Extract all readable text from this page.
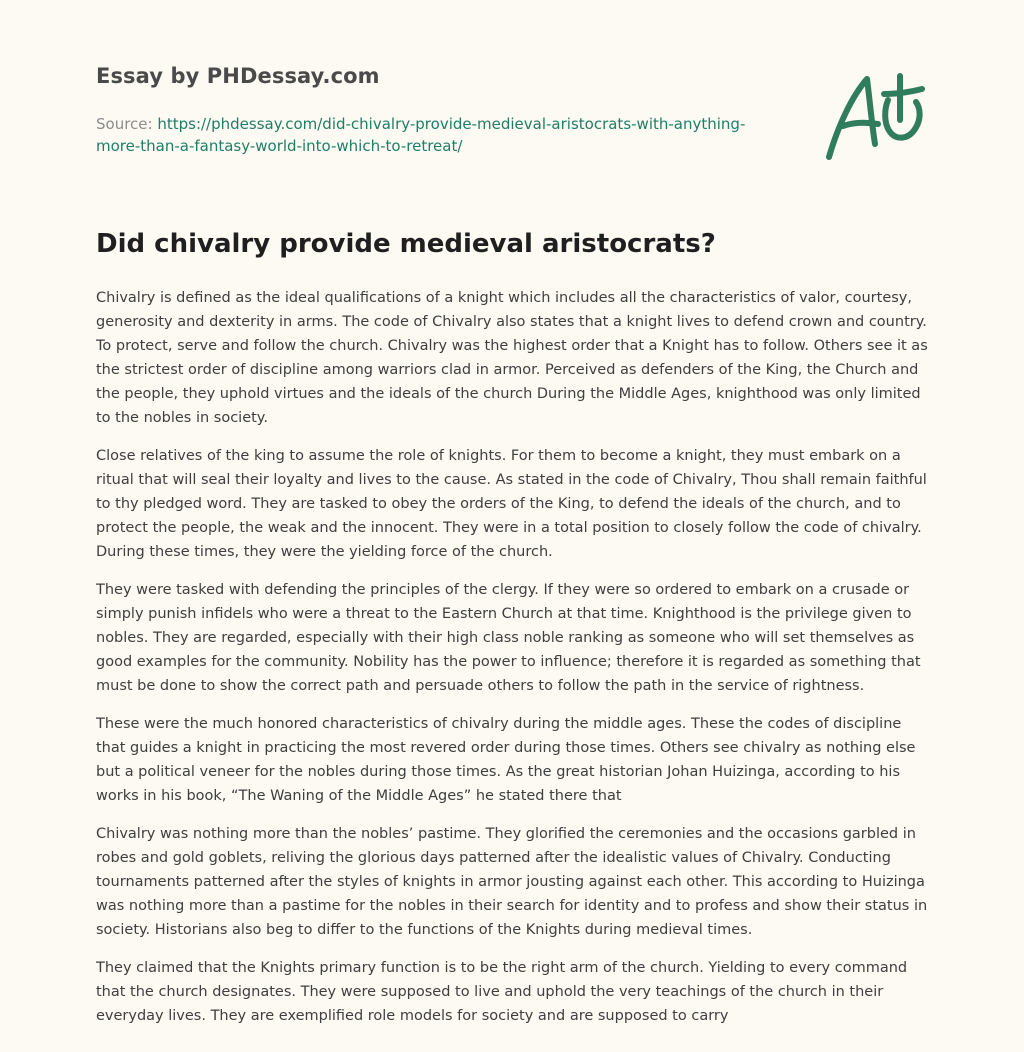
Essay by PHDessay.com
Source: https://phdessay.com/did-chivalry-provide-medieval-aristocrats-with-anything-more-than-a-fantasy-world-into-which-to-retreat/
Did chivalry provide medieval aristocrats?

Chivalry is defined as the ideal qualifications of a knight which includes all the characteristics of valor, courtesy, generosity and dexterity in arms. The code of Chivalry also states that a knight lives to defend crown and country. To protect, serve and follow the church. Chivalry was the highest order that a Knight has to follow. Others see it as the strictest order of discipline among warriors clad in armor. Perceived as defenders of the King, the Church and the people, they uphold virtues and the ideals of the church During the Middle Ages, knighthood was only limited to the nobles in society.

Close relatives of the king to assume the role of knights. For them to become a knight, they must embark on a ritual that will seal their loyalty and lives to the cause. As stated in the code of Chivalry, Thou shall remain faithful to thy pledged word. They are tasked to obey the orders of the King, to defend the ideals of the church, and to protect the people, the weak and the innocent. They were in a total position to closely follow the code of chivalry. During these times, they were the yielding force of the church.

They were tasked with defending the principles of the clergy. If they were so ordered to embark on a crusade or simply punish infidels who were a threat to the Eastern Church at that time. Knighthood is the privilege given to nobles. They are regarded, especially with their high class noble ranking as someone who will set themselves as good examples for the community. Nobility has the power to influence; therefore it is regarded as something that must be done to show the correct path and persuade others to follow the path in the service of rightness.

These were the much honored characteristics of chivalry during the middle ages. These the codes of discipline that guides a knight in practicing the most revered order during those times. Others see chivalry as nothing else but a political veneer for the nobles during those times. As the great historian Johan Huizinga, according to his works in his book, “The Waning of the Middle Ages” he stated there that

Chivalry was nothing more than the nobles’ pastime. They glorified the ceremonies and the occasions garbled in robes and gold goblets, reliving the glorious days patterned after the idealistic values of Chivalry. Conducting tournaments patterned after the styles of knights in armor jousting against each other. This according to Huizinga was nothing more than a pastime for the nobles in their search for identity and to profess and show their status in society. Historians also beg to differ to the functions of the Knights during medieval times.

They claimed that the Knights primary function is to be the right arm of the church. Yielding to every command that the church designates. They were supposed to live and uphold the very teachings of the church in their everyday lives. They are exemplified role models for society and are supposed to carry
